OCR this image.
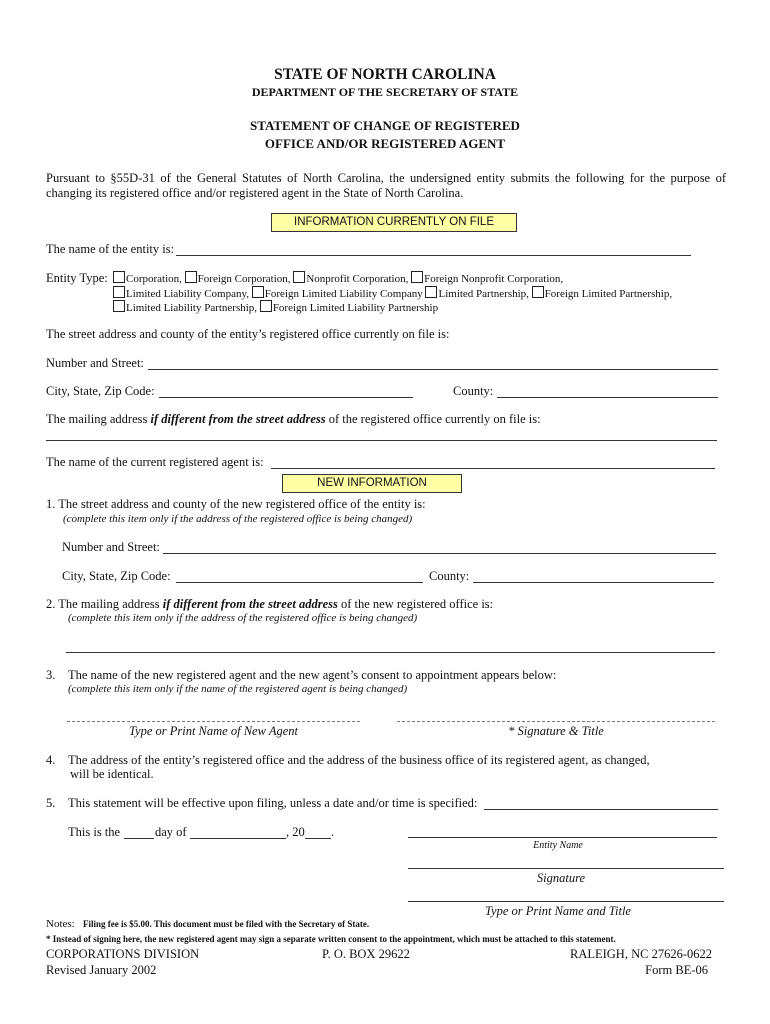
STATE OF NORTH CAROLINA
DEPARTMENT OF THE SECRETARY OF STATE
STATEMENT OF CHANGE OF REGISTERED
OFFICE AND/OR REGISTERED AGENT
Pursuant to §55D-31 of the General Statutes of North Carolina, the undersigned entity submits the following for the purpose of changing its registered office and/or registered agent in the State of North Carolina.
INFORMATION CURRENTLY ON FILE
The name of the entity is:
Entity Type:	Corporation, Foreign Corporation, Nonprofit Corporation, Foreign Nonprofit Corporation,
Limited Liability Company, Foreign Limited Liability Company Limited Partnership, Foreign Limited Partnership,
Limited Liability Partnership, Foreign Limited Liability Partnership
The street address and county of the entity’s registered office currently on file is:
Number and Street:
City, State, Zip Code:	County:
The mailing address if different from the street address of the registered office currently on file is:
The name of the current registered agent is:
NEW INFORMATION
1. The street address and county of the new registered office of the entity is:
(complete this item only if the address of the registered office is being changed)
Number and Street:
City, State, Zip Code:	County:
2. The mailing address if different from the street address of the new registered office is:
(complete this item only if the address of the registered office is being changed)
3. The name of the new registered agent and the new agent’s consent to appointment appears below:
(complete this item only if the name of the registered agent is being changed)
Type or Print Name of New Agent	* Signature & Title
4. The address of the entity’s registered office and the address of the business office of its registered agent, as changed,
will be identical.
5. This statement will be effective upon filing, unless a date and/or time is specified:
This is the	day of	, 20 .
Entity Name
Signature
Type or Print Name and Title
Notes: Filing fee is $5.00. This document must be filed with the Secretary of State.
* Instead of signing here, the new registered agent may sign a separate written consent to the appointment, which must be attached to this statement.
CORPORATIONS DIVISION	P. O. BOX 29622	RALEIGH, NC 27626-0622
Revised January 2002	Form BE-06
